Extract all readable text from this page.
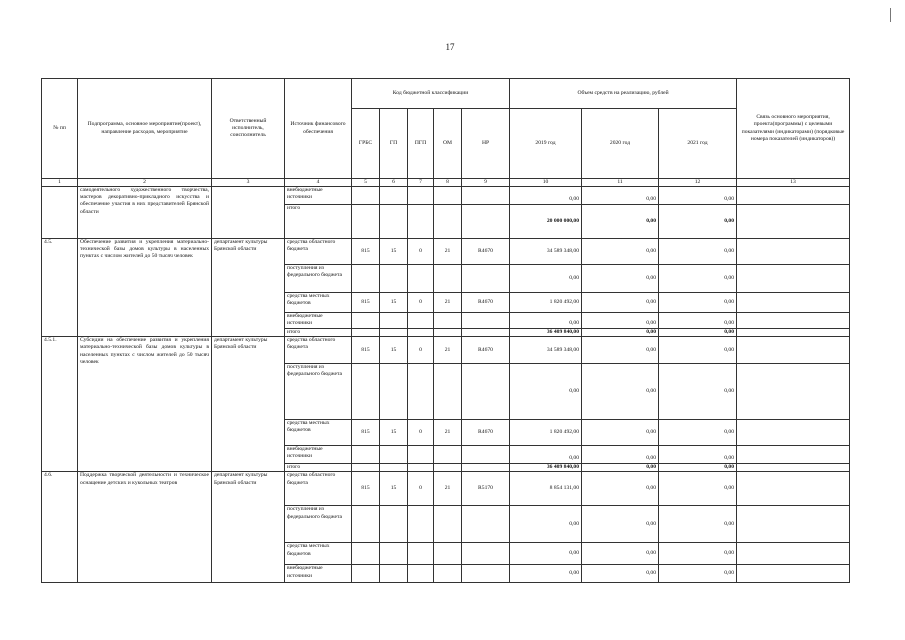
17
№ пп	Подпрограмма, основное мероприятие(проект), направление расходов, мероприятие	Ответственный исполнитель, соисполнитель	Источник финансового обеспечения	Код бюджетной классификации					Объем средств на реализацию, рублей			Связь основного мероприятия, проекта(программы) с целевыми показателями (индикаторами) (порядковые номера показателей (индикаторов))
				ГРБС	ГП	ПГП	ОМ	НР	2019 год	2020 год	2021 год	
1	2	3	4	5	6	7	8	9	10	11	12	13
	самодеятельного художественного творчества, мастеров декоративно-прикладного искусства и обеспечение участия в них представителей Брянской области		внебюджетные источники						0,00	0,00	0,00	
			итого						20 000 000,00	0,00	0,00	
4.5.	Обеспечение развития и укрепления материально-технической базы домов культуры в населенных пунктах с числом жителей до 50 тысяч человек	департамент культуры Брянской области	средства областного бюджета	815	15	0	21	R4670	34 589 348,00	0,00	0,00	
			поступления из федерального бюджета						0,00	0,00	0,00	
			средства местных бюджетов	815	15	0	21	R4670	1 820 492,00	0,00	0,00	
			внебюджетные источники						0,00	0,00	0,00	
			итого						36 409 840,00	0,00	0,00	
4.5.1.	Субсидии на обеспечение развития и укрепления материально-технической базы домов культуры в населенных пунктах с числом жителей до 50 тысяч человек	департамент культуры Брянской области	средства областного бюджета	815	15	0	21	R4670	34 589 348,00	0,00	0,00	
			поступления из федерального бюджета						0,00	0,00	0,00	
			средства местных бюджетов	815	15	0	21	R4670	1 820 492,00	0,00	0,00	
			внебюджетные источники						0,00	0,00	0,00	
			итого						36 409 840,00	0,00	0,00	
4.6.	Поддержка творческой деятельности и техническое оснащение детских и кукольных театров	департамент культуры Брянской области	средства областного бюджета	815	15	0	21	R5170	8 854 131,00	0,00	0,00	
			поступления из федерального бюджета						0,00	0,00	0,00	
			средства местных бюджетов						0,00	0,00	0,00	
			внебюджетные источники						0,00	0,00	0,00	
